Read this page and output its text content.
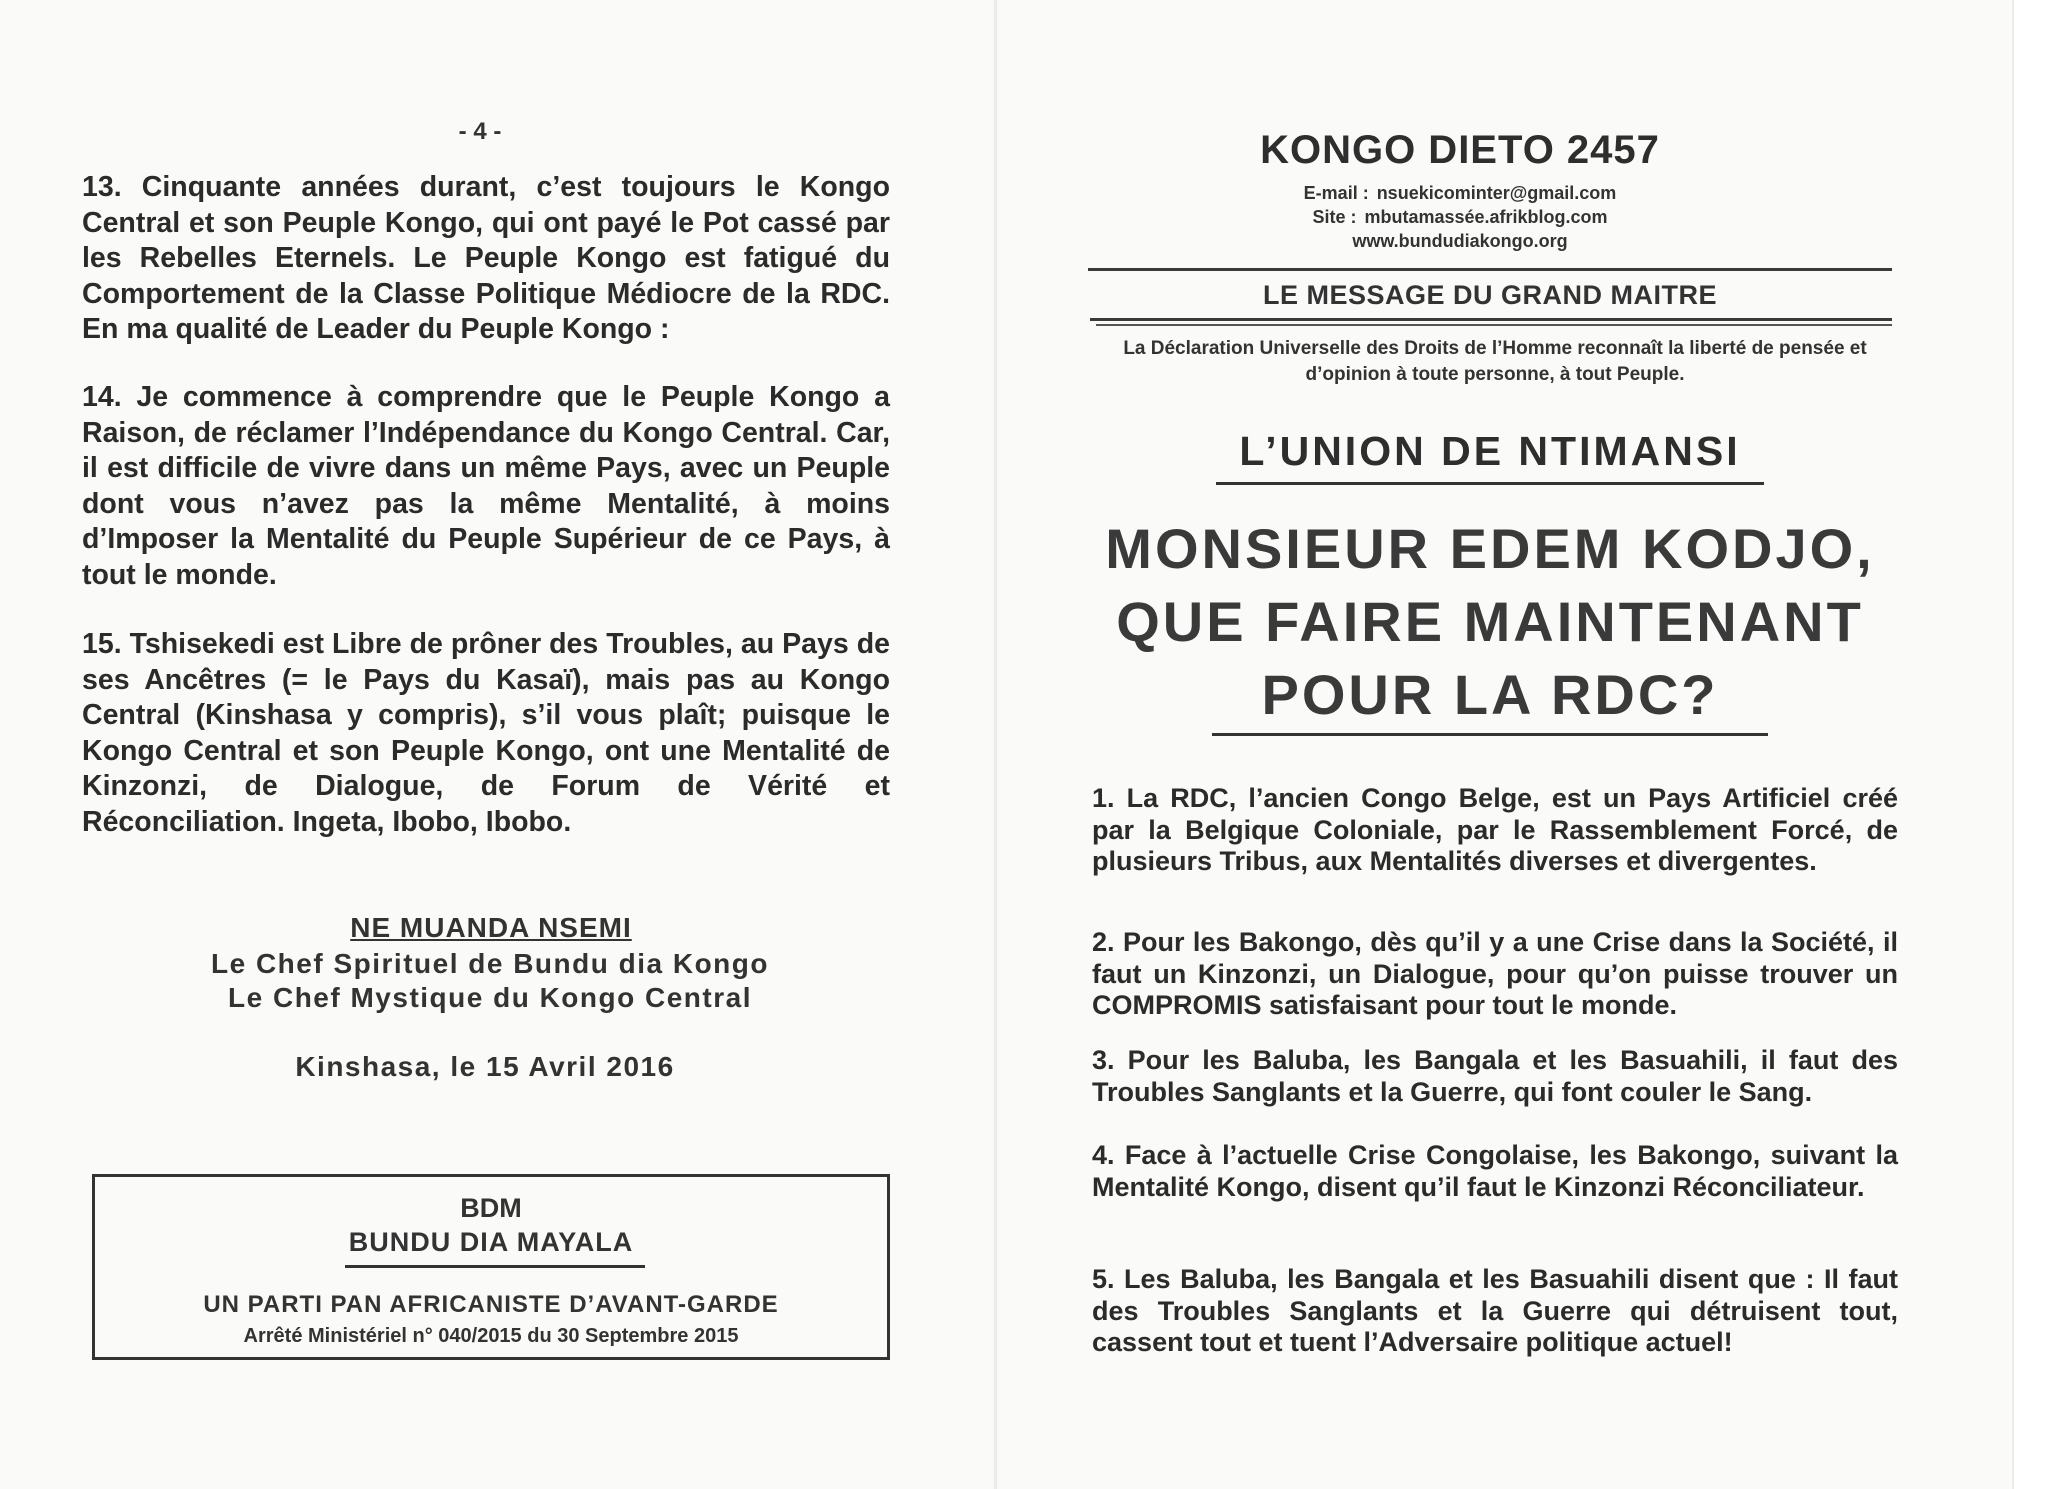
- 4 -

13. Cinquante années durant, c’est toujours le Kongo Central et son Peuple Kongo, qui ont payé le Pot cassé par les Rebelles Eternels. Le Peuple Kongo est fatigué du Comportement de la Classe Politique Médiocre de la RDC. En ma qualité de Leader du Peuple Kongo :

14. Je commence à comprendre que le Peuple Kongo a Raison, de réclamer l’Indépendance du Kongo Central. Car, il est difficile de vivre dans un même Pays, avec un Peuple dont vous n’avez pas la même Mentalité, à moins d’Imposer la Mentalité du Peuple Supérieur de ce Pays, à tout le monde.

15. Tshisekedi est Libre de prôner des Troubles, au Pays de ses Ancêtres (= le Pays du Kasaï), mais pas au Kongo Central (Kinshasa y compris), s’il vous plaît; puisque le Kongo Central et son Peuple Kongo, ont une Mentalité de Kinzonzi, de Dialogue, de Forum de Vérité et Réconciliation. Ingeta, Ibobo, Ibobo.

NE MUANDA NSEMI
Le Chef Spirituel de Bundu dia Kongo
Le Chef Mystique du Kongo Central
Kinshasa, le 15 Avril 2016
BDM
BUNDU DIA MAYALA
UN PARTI PAN AFRICANISTE D’AVANT-GARDE
Arrêté Ministériel n° 040/2015 du 30 Septembre 2015
KONGO DIETO 2457
E-mail : nsuekicominter@gmail.com
Site : mbutamassée.afrikblog.com
www.bundudiakongo.org
LE MESSAGE DU GRAND MAITRE
La Déclaration Universelle des Droits de l’Homme reconnaît la liberté de pensée et d’opinion à toute personne, à tout Peuple.
L’UNION DE NTIMANSI
MONSIEUR EDEM KODJO,
QUE FAIRE MAINTENANT
POUR LA RDC?

1. La RDC, l’ancien Congo Belge, est un Pays Artificiel créé par la Belgique Coloniale, par le Rassemblement Forcé, de plusieurs Tribus, aux Mentalités diverses et divergentes.

2. Pour les Bakongo, dès qu’il y a une Crise dans la Société, il faut un Kinzonzi, un Dialogue, pour qu’on puisse trouver un COMPROMIS satisfaisant pour tout le monde.

3. Pour les Baluba, les Bangala et les Basuahili, il faut des Troubles Sanglants et la Guerre, qui font couler le Sang.

4. Face à l’actuelle Crise Congolaise, les Bakongo, suivant la Mentalité Kongo, disent qu’il faut le Kinzonzi Réconciliateur.

5. Les Baluba, les Bangala et les Basuahili disent que : Il faut des Troubles Sanglants et la Guerre qui détruisent tout, cassent tout et tuent l’Adversaire politique actuel!
